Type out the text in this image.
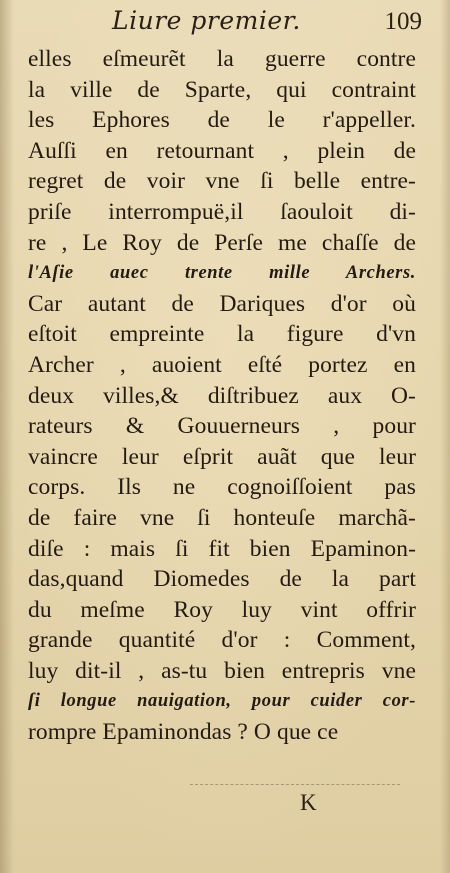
Liure premier.	109
elles eſmeurẽt la guerre contre
la ville de Sparte, qui contraint
les Ephores de le r'appeller.
Auſſi en retournant , plein de
regret de voir vne ſi belle entre-
priſe interrompuë,il ſaouloit di-
re , Le Roy de Perſe me chaſſe de
l'Aſie auec trente mille Archers.
Car autant de Dariques d'or où
eſtoit empreinte la figure d'vn
Archer , auoient eſté portez en
deux villes,& diſtribuez aux O-
rateurs & Gouuerneurs , pour
vaincre leur eſprit auãt que leur
corps. Ils ne cognoiſſoient pas
de faire vne ſi honteuſe marchã-
diſe : mais ſi fit bien Epaminon-
das,quand Diomedes de la part
du meſme Roy luy vint offrir
grande quantité d'or : Comment,
luy dit-il , as-tu bien entrepris vne
ſi longue nauigation, pour cuider cor-
rompre Epaminondas ? O que ce
K
